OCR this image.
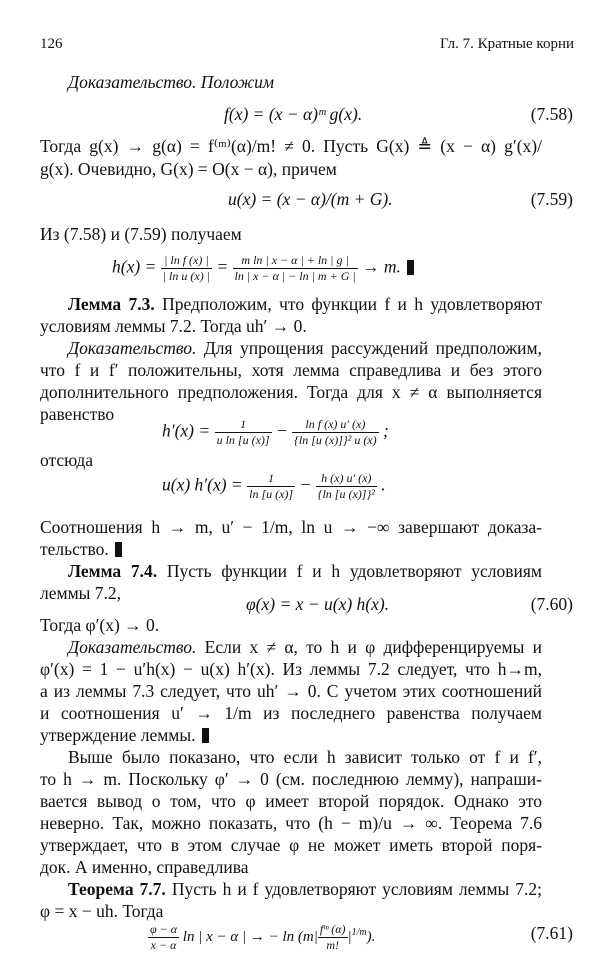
126	Гл. 7. Кратные корни
Доказательство. Положим
f(x) = (x − α)ᵐ g(x).	(7.58)
Тогда g(x) → g(α) = f⁽ᵐ⁾(α)/m! ≠ 0. Пусть G(x) ≜ (x − α) g′(x)/
g(x). Очевидно, G(x) = O(x − α), причем
u(x) = (x − α)/(m + G).	(7.59)
Из (7.58) и (7.59) получаем
$h(x) = \frac{\text{| ln f (x) |}}{\text{| ln u (x) |}} = \frac{\text{m ln | x − α | + ln | g |}}{\ln | x - \alpha | - \ln | m + G |} \to m$.
Лемма 7.3. Предположим, что функции f и h удовлетворяют
условиям леммы 7.2. Тогда uh′ → 0.
Доказательство. Для упрощения рассуждений предположим,
что f и f′ положительны, хотя лемма справедлива и без этого
дополнительного предположения. Тогда для x ≠ α выполняется
равенство
$h'(x) = \frac{1}{\text{u ln [u (x)]}} - \frac{\text{ln f (x) u′ (x)}}{\text{\{ln [u (x)]\}² u (x)}}$ ;
отсюда
u(x) $h'(x) = \frac{1}{\ln [u (x)]} - \frac{h (x) u' (x)}{\text{\{ln [u (x)]\}²}}$ .
Соотношения h → m, u′ − 1/m, ln u → −∞ завершают доказа-
тельство.
Лемма 7.4. Пусть функции f и h удовлетворяют условиям
леммы 7.2,
φ(x) = x − u(x) h(x).	(7.60)
Тогда φ′(x) → 0.
Доказательство. Если x ≠ α, то h и φ дифференцируемы и
φ′(x) = 1 − u′h(x) − u(x) h′(x). Из леммы 7.2 следует, что h→m,
а из леммы 7.3 следует, что uh′ → 0. С учетом этих соотношений
и соотношения u′ → 1/m из последнего равенства получаем
утверждение леммы.
Выше было показано, что если h зависит только от f и f′,
то h → m. Поскольку φ′ → 0 (см. последнюю лемму), напраши-
вается вывод о том, что φ имеет второй порядок. Однако это
неверно. Так, можно показать, что (h − m)/u → ∞. Теорема 7.6
утверждает, что в этом случае φ не может иметь второй поря-
док. А именно, справедлива
Теорема 7.7. Пусть h и f удовлетворяют условиям леммы 7.2;
φ = x − uh. Тогда
$\frac{\varphi - \alpha}{x - \alpha}$ ln | x − α | → − $\ln (m| \frac{\text{fᵐ (α)}}{m!} |^{1/m})$.	(7.61)
